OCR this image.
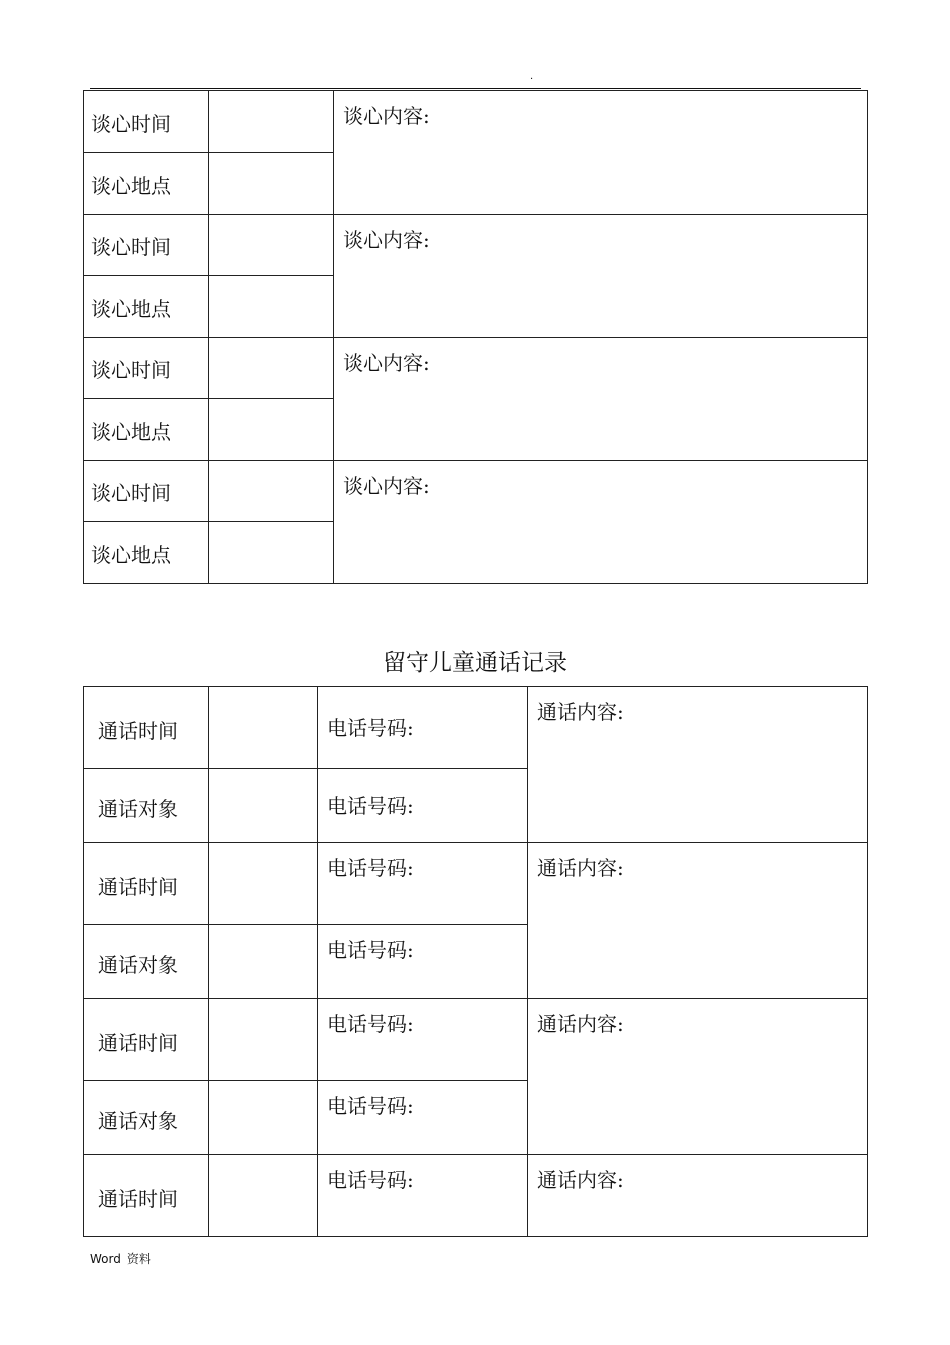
.
谈心时间		谈心内容:
谈心地点		
谈心时间		谈心内容:
谈心地点		
谈心时间		谈心内容:
谈心地点		
谈心时间		谈心内容:
谈心地点		
留守儿童通话记录
通话时间		电话号码:	通话内容:
通话对象		电话号码:	
通话时间		电话号码:	通话内容:
通话对象		电话号码:	
通话时间		电话号码:	通话内容:
通话对象		电话号码:	
通话时间		电话号码:	通话内容:
Word 资料
